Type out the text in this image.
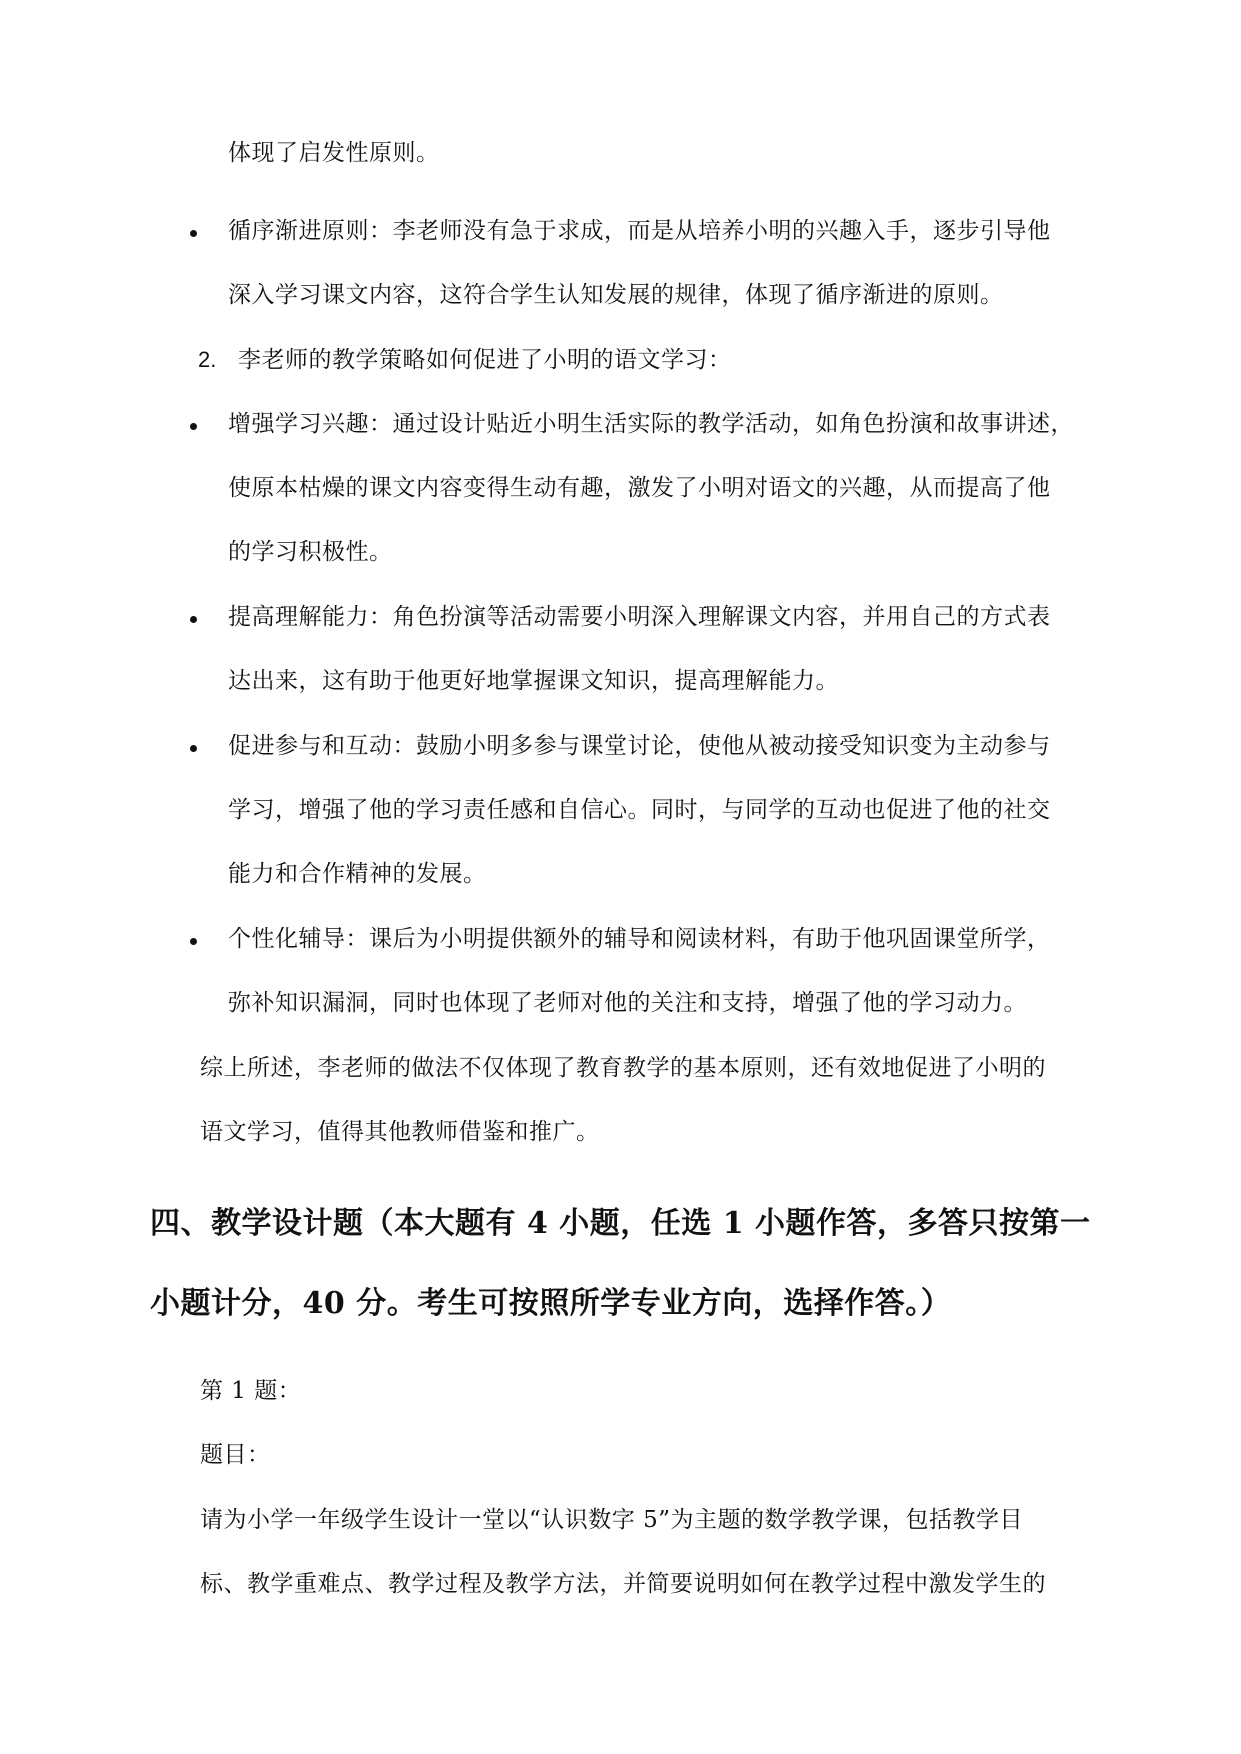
体现了启发性原则。
循序渐进原则：李老师没有急于求成，而是从培养小明的兴趣入手，逐步引导他
深入学习课文内容，这符合学生认知发展的规律，体现了循序渐进的原则。
2. 李老师的教学策略如何促进了小明的语文学习：
增强学习兴趣：通过设计贴近小明生活实际的教学活动，如角色扮演和故事讲述，
使原本枯燥的课文内容变得生动有趣，激发了小明对语文的兴趣，从而提高了他
的学习积极性。
提高理解能力：角色扮演等活动需要小明深入理解课文内容，并用自己的方式表
达出来，这有助于他更好地掌握课文知识，提高理解能力。
促进参与和互动：鼓励小明多参与课堂讨论，使他从被动接受知识变为主动参与
学习，增强了他的学习责任感和自信心。同时，与同学的互动也促进了他的社交
能力和合作精神的发展。
个性化辅导：课后为小明提供额外的辅导和阅读材料，有助于他巩固课堂所学，
弥补知识漏洞，同时也体现了老师对他的关注和支持，增强了他的学习动力。
综上所述，李老师的做法不仅体现了教育教学的基本原则，还有效地促进了小明的
语文学习，值得其他教师借鉴和推广。
四、教学设计题（本大题有 4 小题，任选 1 小题作答，多答只按第一
小题计分，40 分。考生可按照所学专业方向，选择作答。）
第 1 题：
题目：
请为小学一年级学生设计一堂以“认识数字 5”为主题的数学教学课，包括教学目
标、教学重难点、教学过程及教学方法，并简要说明如何在教学过程中激发学生的
